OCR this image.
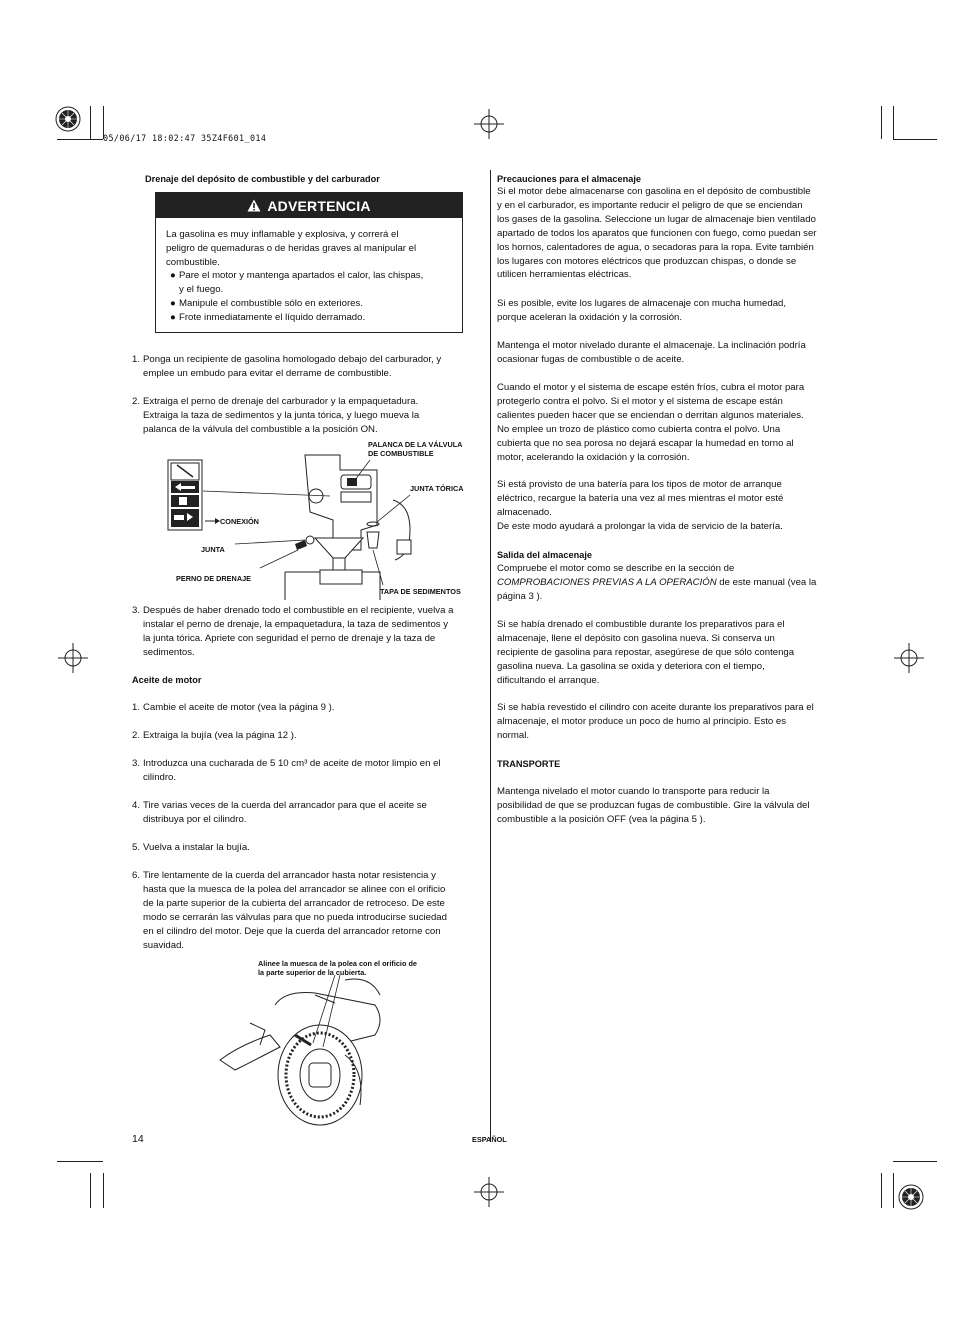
05/06/17 18:02:47 35Z4F601_014
Drenaje del depósito de combustible y del carburador
ADVERTENCIA
La gasolina es muy inflamable y explosiva, y correrá el
peligro de quemaduras o de heridas graves al manipular el
combustible.
● Pare el motor y mantenga apartados el calor, las chispas,
y el fuego.
● Manipule el combustible sólo en exteriores.
● Frote inmediatamente el líquido derramado.
1. Ponga un recipiente de gasolina homologado debajo del carburador, y
emplee un embudo para evitar el derrame de combustible.
2. Extraiga el perno de drenaje del carburador y la empaquetadura.
Extraiga la taza de sedimentos y la junta tórica, y luego mueva la
palanca de la válvula del combustible a la posición ON.
PALANCA DE LA VÁLVULA
DE COMBUSTIBLE
JUNTA TÓRICA
CONEXIÓN
JUNTA
PERNO DE DRENAJE
TAPA DE SEDIMENTOS
3. Después de haber drenado todo el combustible en el recipiente, vuelva a
instalar el perno de drenaje, la empaquetadura, la taza de sedimentos y
la junta tórica. Apriete con seguridad el perno de drenaje y la taza de
sedimentos.
Aceite de motor
1. Cambie el aceite de motor (vea la página 9 ).
2. Extraiga la bujía (vea la página 12 ).
3. Introduzca una cucharada de 5 10 cm³ de aceite de motor limpio en el
cilindro.
4. Tire varias veces de la cuerda del arrancador para que el aceite se
distribuya por el cilindro.
5. Vuelva a instalar la bujía.
6. Tire lentamente de la cuerda del arrancador hasta notar resistencia y
hasta que la muesca de la polea del arrancador se alinee con el orificio
de la parte superior de la cubierta del arrancador de retroceso. De este
modo se cerrarán las válvulas para que no pueda introducirse suciedad
en el cilindro del motor. Deje que la cuerda del arrancador retorne con
suavidad.
Alinee la muesca de la polea con el orificio de
la parte superior de la cubierta.
Precauciones para el almacenaje
Si el motor debe almacenarse con gasolina en el depósito de combustible
y en el carburador, es importante reducir el peligro de que se enciendan
los gases de la gasolina. Seleccione un lugar de almacenaje bien ventilado
apartado de todos los aparatos que funcionen con fuego, como puedan ser
los hornos, calentadores de agua, o secadoras para la ropa. Evite también
los lugares con motores eléctricos que produzcan chispas, o donde se
utilicen herramientas eléctricas.
Si es posible, evite los lugares de almacenaje con mucha humedad,
porque aceleran la oxidación y la corrosión.
Mantenga el motor nivelado durante el almacenaje. La inclinación podría
ocasionar fugas de combustible o de aceite.
Cuando el motor y el sistema de escape estén fríos, cubra el motor para
protegerlo contra el polvo. Si el motor y el sistema de escape están
calientes pueden hacer que se enciendan o derritan algunos materiales.
No emplee un trozo de plástico como cubierta contra el polvo. Una
cubierta que no sea porosa no dejará escapar la humedad en torno al
motor, acelerando la oxidación y la corrosión.
Si está provisto de una batería para los tipos de motor de arranque
eléctrico, recargue la batería una vez al mes mientras el motor esté
almacenado.
De este modo ayudará a prolongar la vida de servicio de la batería.
Salida del almacenaje
Compruebe el motor como se describe en la sección de
COMPROBACIONES PREVIAS A LA OPERACIÓN de este manual (vea la
página 3 ).
Si se había drenado el combustible durante los preparativos para el
almacenaje, llene el depósito con gasolina nueva. Si conserva un
recipiente de gasolina para repostar, asegúrese de que sólo contenga
gasolina nueva. La gasolina se oxida y deteriora con el tiempo,
dificultando el arranque.
Si se había revestido el cilindro con aceite durante los preparativos para el
almacenaje, el motor produce un poco de humo al principio. Esto es
normal.
TRANSPORTE
Mantenga nivelado el motor cuando lo transporte para reducir la
posibilidad de que se produzcan fugas de combustible. Gire la válvula del
combustible a la posición OFF (vea la página 5 ).
14	ESPAÑOL
